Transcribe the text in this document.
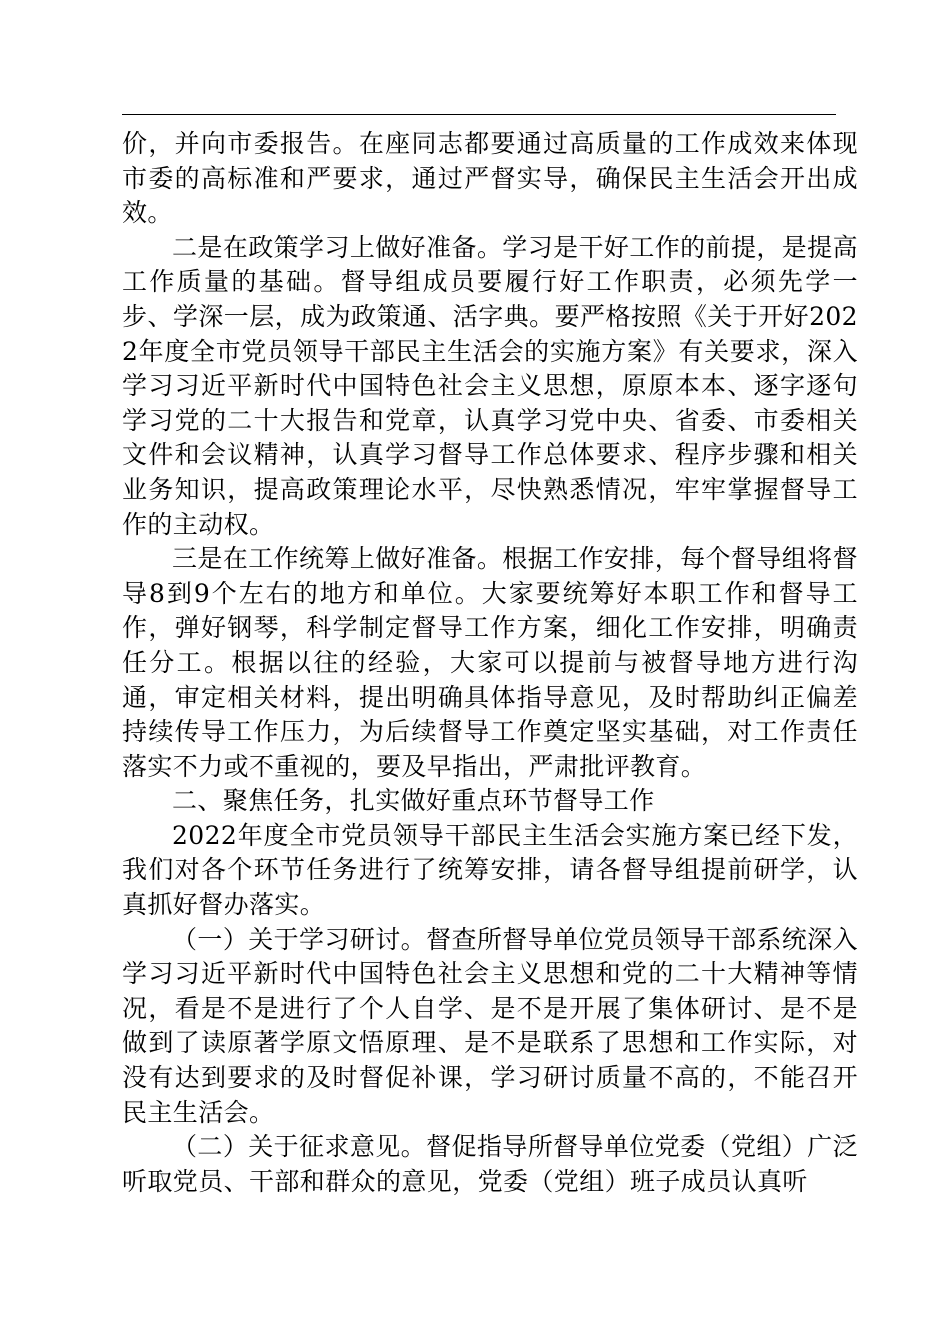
价，并向市委报告。在座同志都要通过高质量的工作成效来体现市委的高标准和严要求，通过严督实导，确保民主生活会开出成效。

二是在政策学习上做好准备。学习是干好工作的前提，是提高工作质量的基础。督导组成员要履行好工作职责，必须先学一步、学深一层，成为政策通、活字典。要严格按照《关于开好2022年度全市党员领导干部民主生活会的实施方案》有关要求，深入学习习近平新时代中国特色社会主义思想，原原本本、逐字逐句学习党的二十大报告和党章，认真学习党中央、省委、市委相关文件和会议精神，认真学习督导工作总体要求、程序步骤和相关业务知识，提高政策理论水平，尽快熟悉情况，牢牢掌握督导工作的主动权。

三是在工作统筹上做好准备。根据工作安排，每个督导组将督导8到9个左右的地方和单位。大家要统筹好本职工作和督导工作，弹好钢琴，科学制定督导工作方案，细化工作安排，明确责任分工。根据以往的经验，大家可以提前与被督导地方进行沟通，审定相关材料，提出明确具体指导意见，及时帮助纠正偏差持续传导工作压力，为后续督导工作奠定坚实基础，对工作责任落实不力或不重视的，要及早指出，严肃批评教育。

二、聚焦任务，扎实做好重点环节督导工作

2022年度全市党员领导干部民主生活会实施方案已经下发，我们对各个环节任务进行了统筹安排，请各督导组提前研学，认真抓好督办落实。

（一）关于学习研讨。督查所督导单位党员领导干部系统深入学习习近平新时代中国特色社会主义思想和党的二十大精神等情况，看是不是进行了个人自学、是不是开展了集体研讨、是不是做到了读原著学原文悟原理、是不是联系了思想和工作实际，对没有达到要求的及时督促补课，学习研讨质量不高的，不能召开民主生活会。

（二）关于征求意见。督促指导所督导单位党委（党组）广泛听取党员、干部和群众的意见，党委（党组）班子成员认真听
